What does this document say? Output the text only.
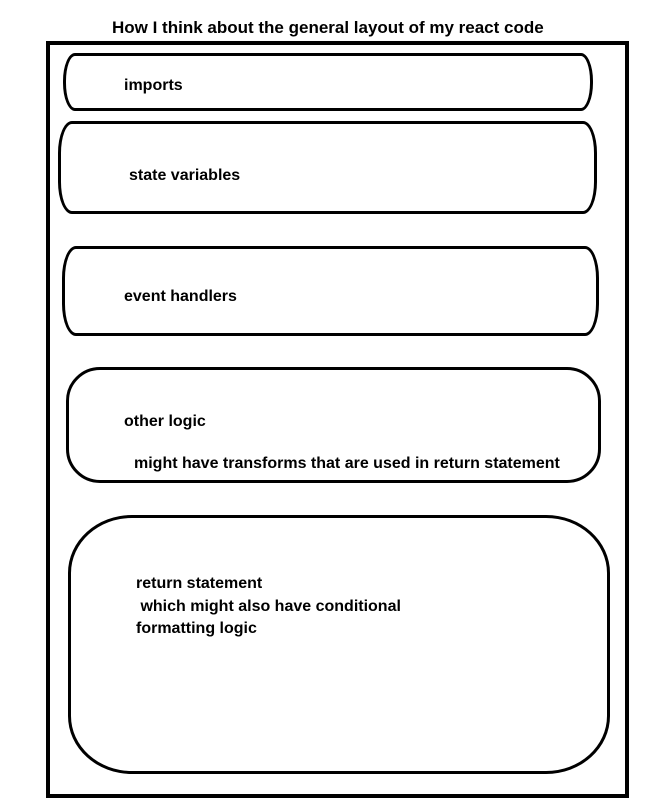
How I think about the general layout of my react code
imports
state variables
event handlers
other logic
might have transforms that are used in return statement
return statement
which might also have conditional
formatting logic
